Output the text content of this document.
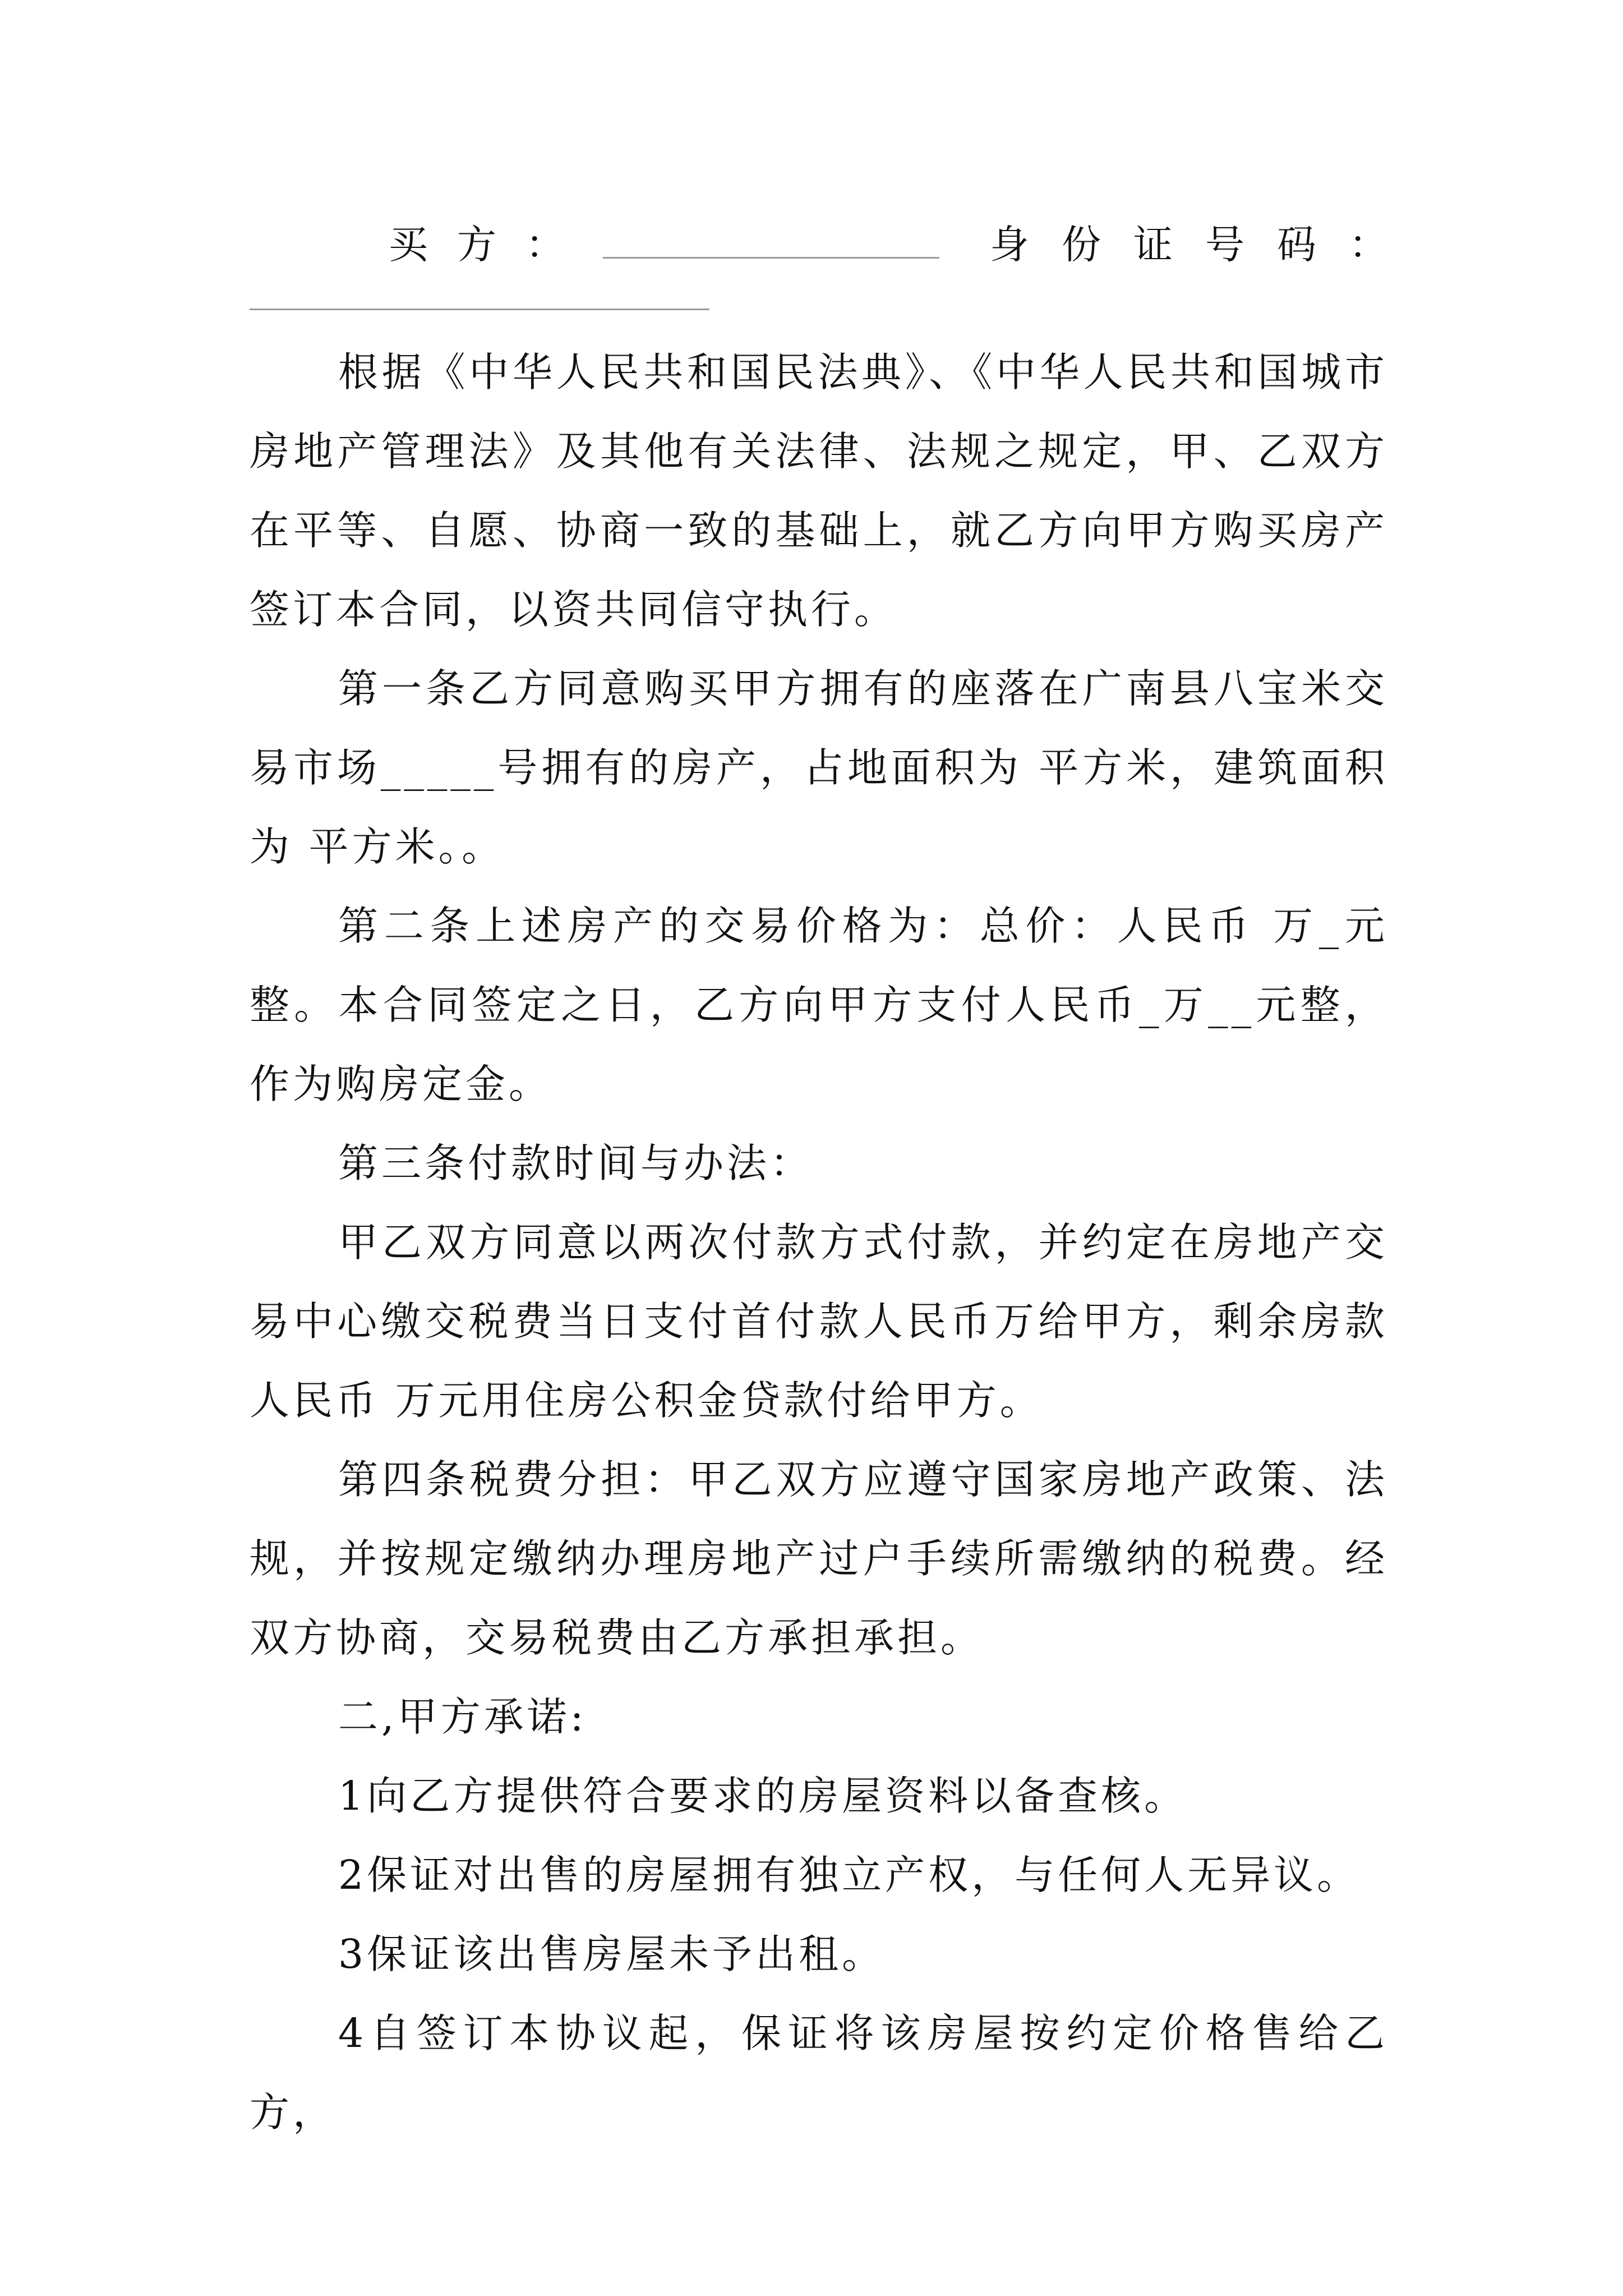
买方：	身份证号码：

根据《中华人民共和国民法典》、《中华人民共和国城市房地产管理法》及其他有关法律、法规之规定，甲、乙双方在平等、自愿、协商一致的基础上，就乙方向甲方购买房产签订本合同，以资共同信守执行。

第一条乙方同意购买甲方拥有的座落在广南县八宝米交易市场_____号拥有的房产，占地面积为 平方米，建筑面积为 平方米。。

第二条上述房产的交易价格为：总价：人民币 万_元整。本合同签定之日，乙方向甲方支付人民币_万__元整，作为购房定金。

第三条付款时间与办法：

甲乙双方同意以两次付款方式付款，并约定在房地产交易中心缴交税费当日支付首付款人民币万给甲方，剩余房款人民币 万元用住房公积金贷款付给甲方。

第四条税费分担：甲乙双方应遵守国家房地产政策、法规，并按规定缴纳办理房地产过户手续所需缴纳的税费。经双方协商，交易税费由乙方承担承担。

二,甲方承诺:

1向乙方提供符合要求的房屋资料以备查核。

2保证对出售的房屋拥有独立产权，与任何人无异议。

3保证该出售房屋未予出租。

4自签订本协议起，保证将该房屋按约定价格售给乙方，
